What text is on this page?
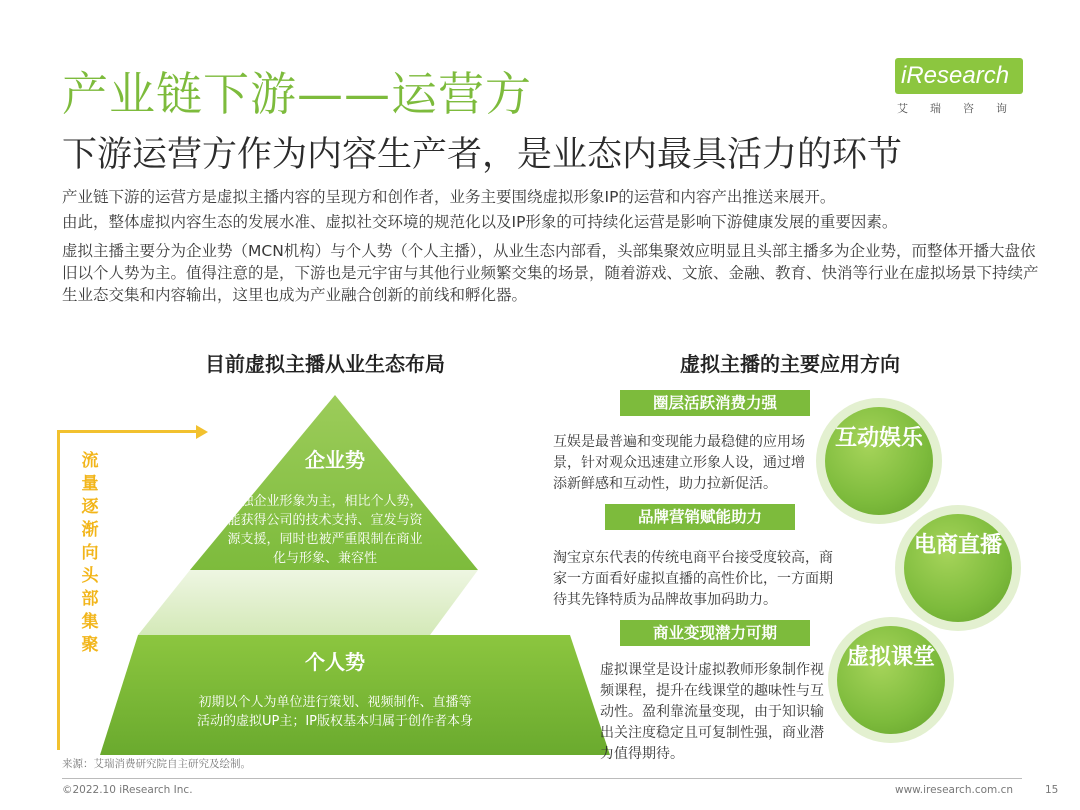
产业链下游——运营方
下游运营方作为内容生产者，是业态内最具活力的环节
iResearch
艾瑞咨询
产业链下游的运营方是虚拟主播内容的呈现方和创作者，业务主要围绕虚拟形象IP的运营和内容产出推送来展开。
由此，整体虚拟内容生态的发展水准、虚拟社交环境的规范化以及IP形象的可持续化运营是影响下游健康发展的重要因素。
虚拟主播主要分为企业势（MCN机构）与个人势（个人主播），从业生态内部看，头部集聚效应明显且头部主播多为企业势，而整体开播大盘依旧以个人势为主。值得注意的是，下游也是元宇宙与其他行业频繁交集的场景，随着游戏、文旅、金融、教育、快消等行业在虚拟场景下持续产生业态交集和内容输出，这里也成为产业融合创新的前线和孵化器。
目前虚拟主播从业生态布局
流量逐渐向头部集聚
企业势
以独企业形象为主，相比个人势，能获得公司的技术支持、宣发与资源支援，同时也被严重限制在商业化与形象、兼容性
个人势
初期以个人为单位进行策划、视频制作、直播等活动的虚拟UP主；IP版权基本归属于创作者本身
虚拟主播的主要应用方向
圈层活跃消费力强
互娱是最普遍和变现能力最稳健的应用场景，针对观众迅速建立形象人设，通过增添新鲜感和互动性，助力拉新促活。
互动娱乐
品牌营销赋能助力
淘宝京东代表的传统电商平台接受度较高，商家一方面看好虚拟直播的高性价比，一方面期待其先锋特质为品牌故事加码助力。
电商直播
商业变现潜力可期
虚拟课堂是设计虚拟教师形象制作视频课程，提升在线课堂的趣味性与互动性。盈利靠流量变现，由于知识输出关注度稳定且可复制性强，商业潜力值得期待。
虚拟课堂
来源：艾瑞消费研究院自主研究及绘制。
©2022.10 iResearch Inc.	www.iresearch.com.cn	15
